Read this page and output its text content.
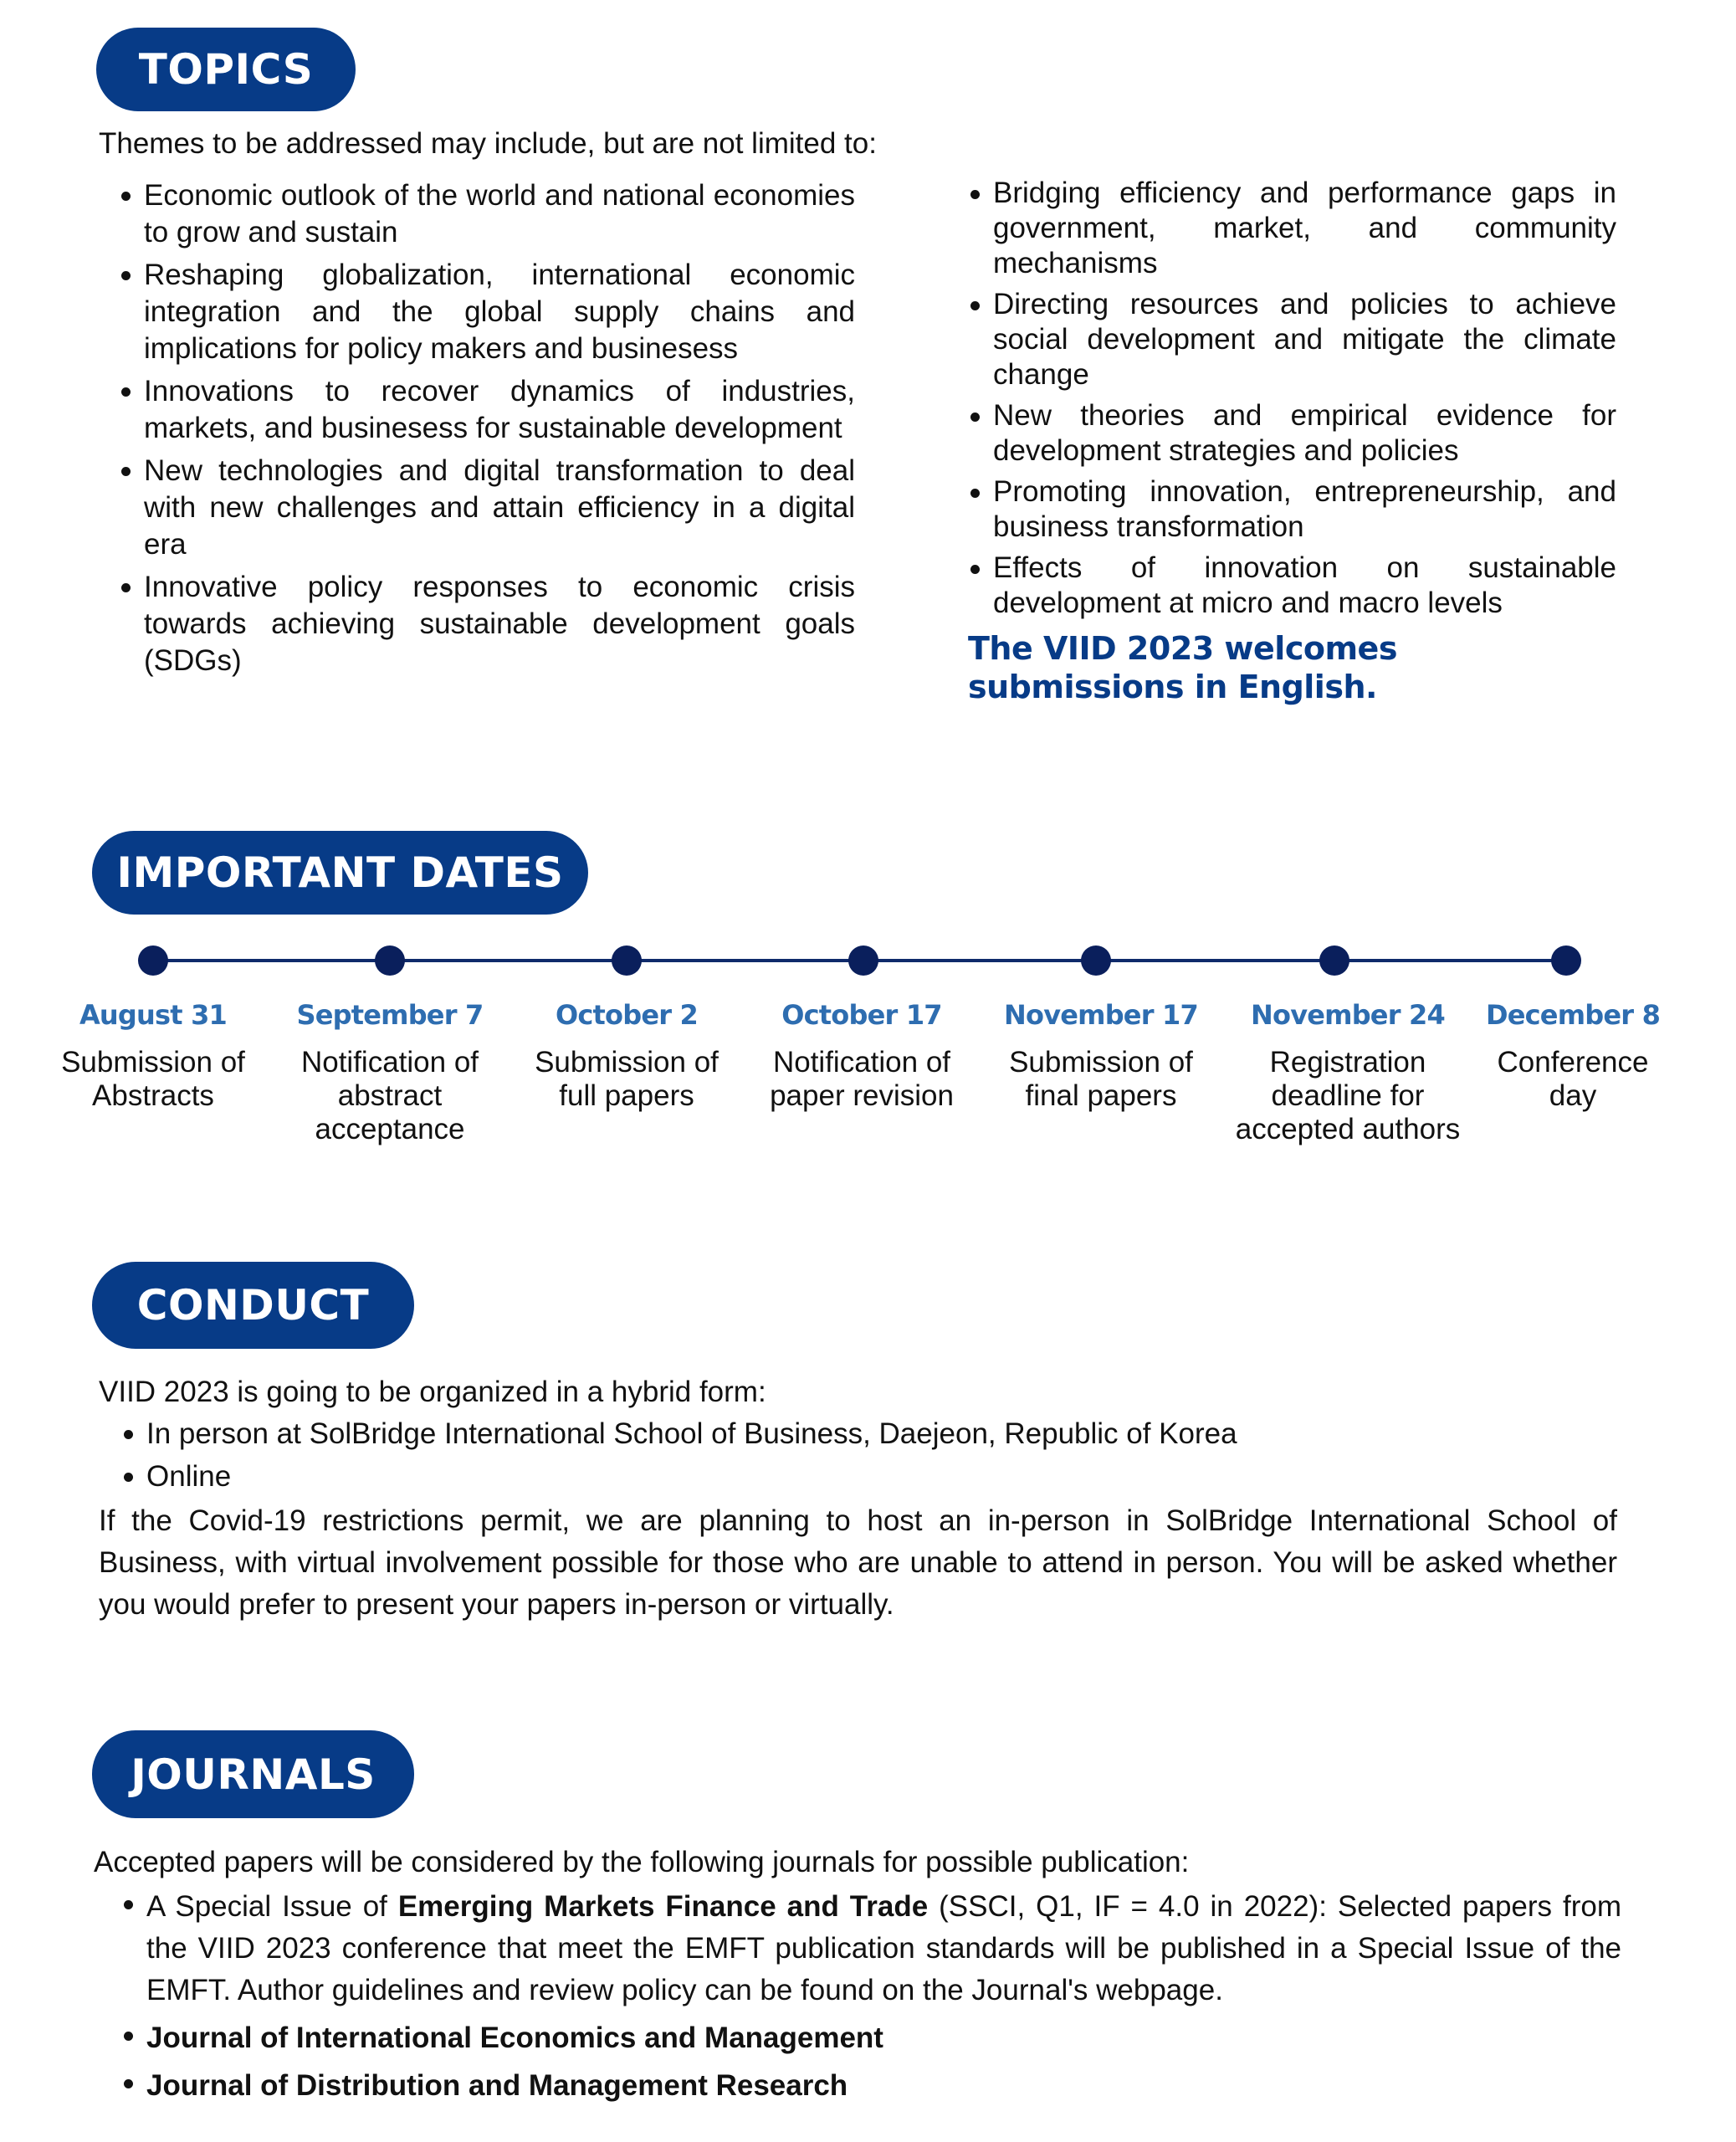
TOPICS
Themes to be addressed may include, but are not limited to:
Economic outlook of the world and national economies to grow and sustain
Reshaping globalization, international economic integration and the global supply chains and implications for policy makers and businesess
Innovations to recover dynamics of industries, markets, and businesess for sustainable development
New technologies and digital transformation to deal with new challenges and attain efficiency in a digital era
Innovative policy responses to economic crisis towards achieving sustainable development goals (SDGs)
Bridging efficiency and performance gaps in government, market, and community mechanisms
Directing resources and policies to achieve social development and mitigate the climate change
New theories and empirical evidence for development strategies and policies
Promoting innovation, entrepreneurship, and business transformation
Effects of innovation on sustainable development at micro and macro levels
The VIID 2023 welcomes submissions in English.
IMPORTANT DATES
August 31
Submission of Abstracts
September 7
Notification of abstract acceptance
October 2
Submission of full papers
October 17
Notification of paper revision
November 17
Submission of final papers
November 24
Registration deadline for accepted authors
December 8
Conference day
CONDUCT
VIID 2023 is going to be organized in a hybrid form:
In person at SolBridge International School of Business, Daejeon, Republic of Korea
Online
If the Covid-19 restrictions permit, we are planning to host an in-person in SolBridge International School of Business, with virtual involvement possible for those who are unable to attend in person. You will be asked whether you would prefer to present your papers in-person or virtually.
JOURNALS
Accepted papers will be considered by the following journals for possible publication:
A Special Issue of Emerging Markets Finance and Trade (SSCI, Q1, IF = 4.0 in 2022): Selected papers from the VIID 2023 conference that meet the EMFT publication standards will be published in a Special Issue of the EMFT. Author guidelines and review policy can be found on the Journal's webpage.
Journal of International Economics and Management
Journal of Distribution and Management Research
